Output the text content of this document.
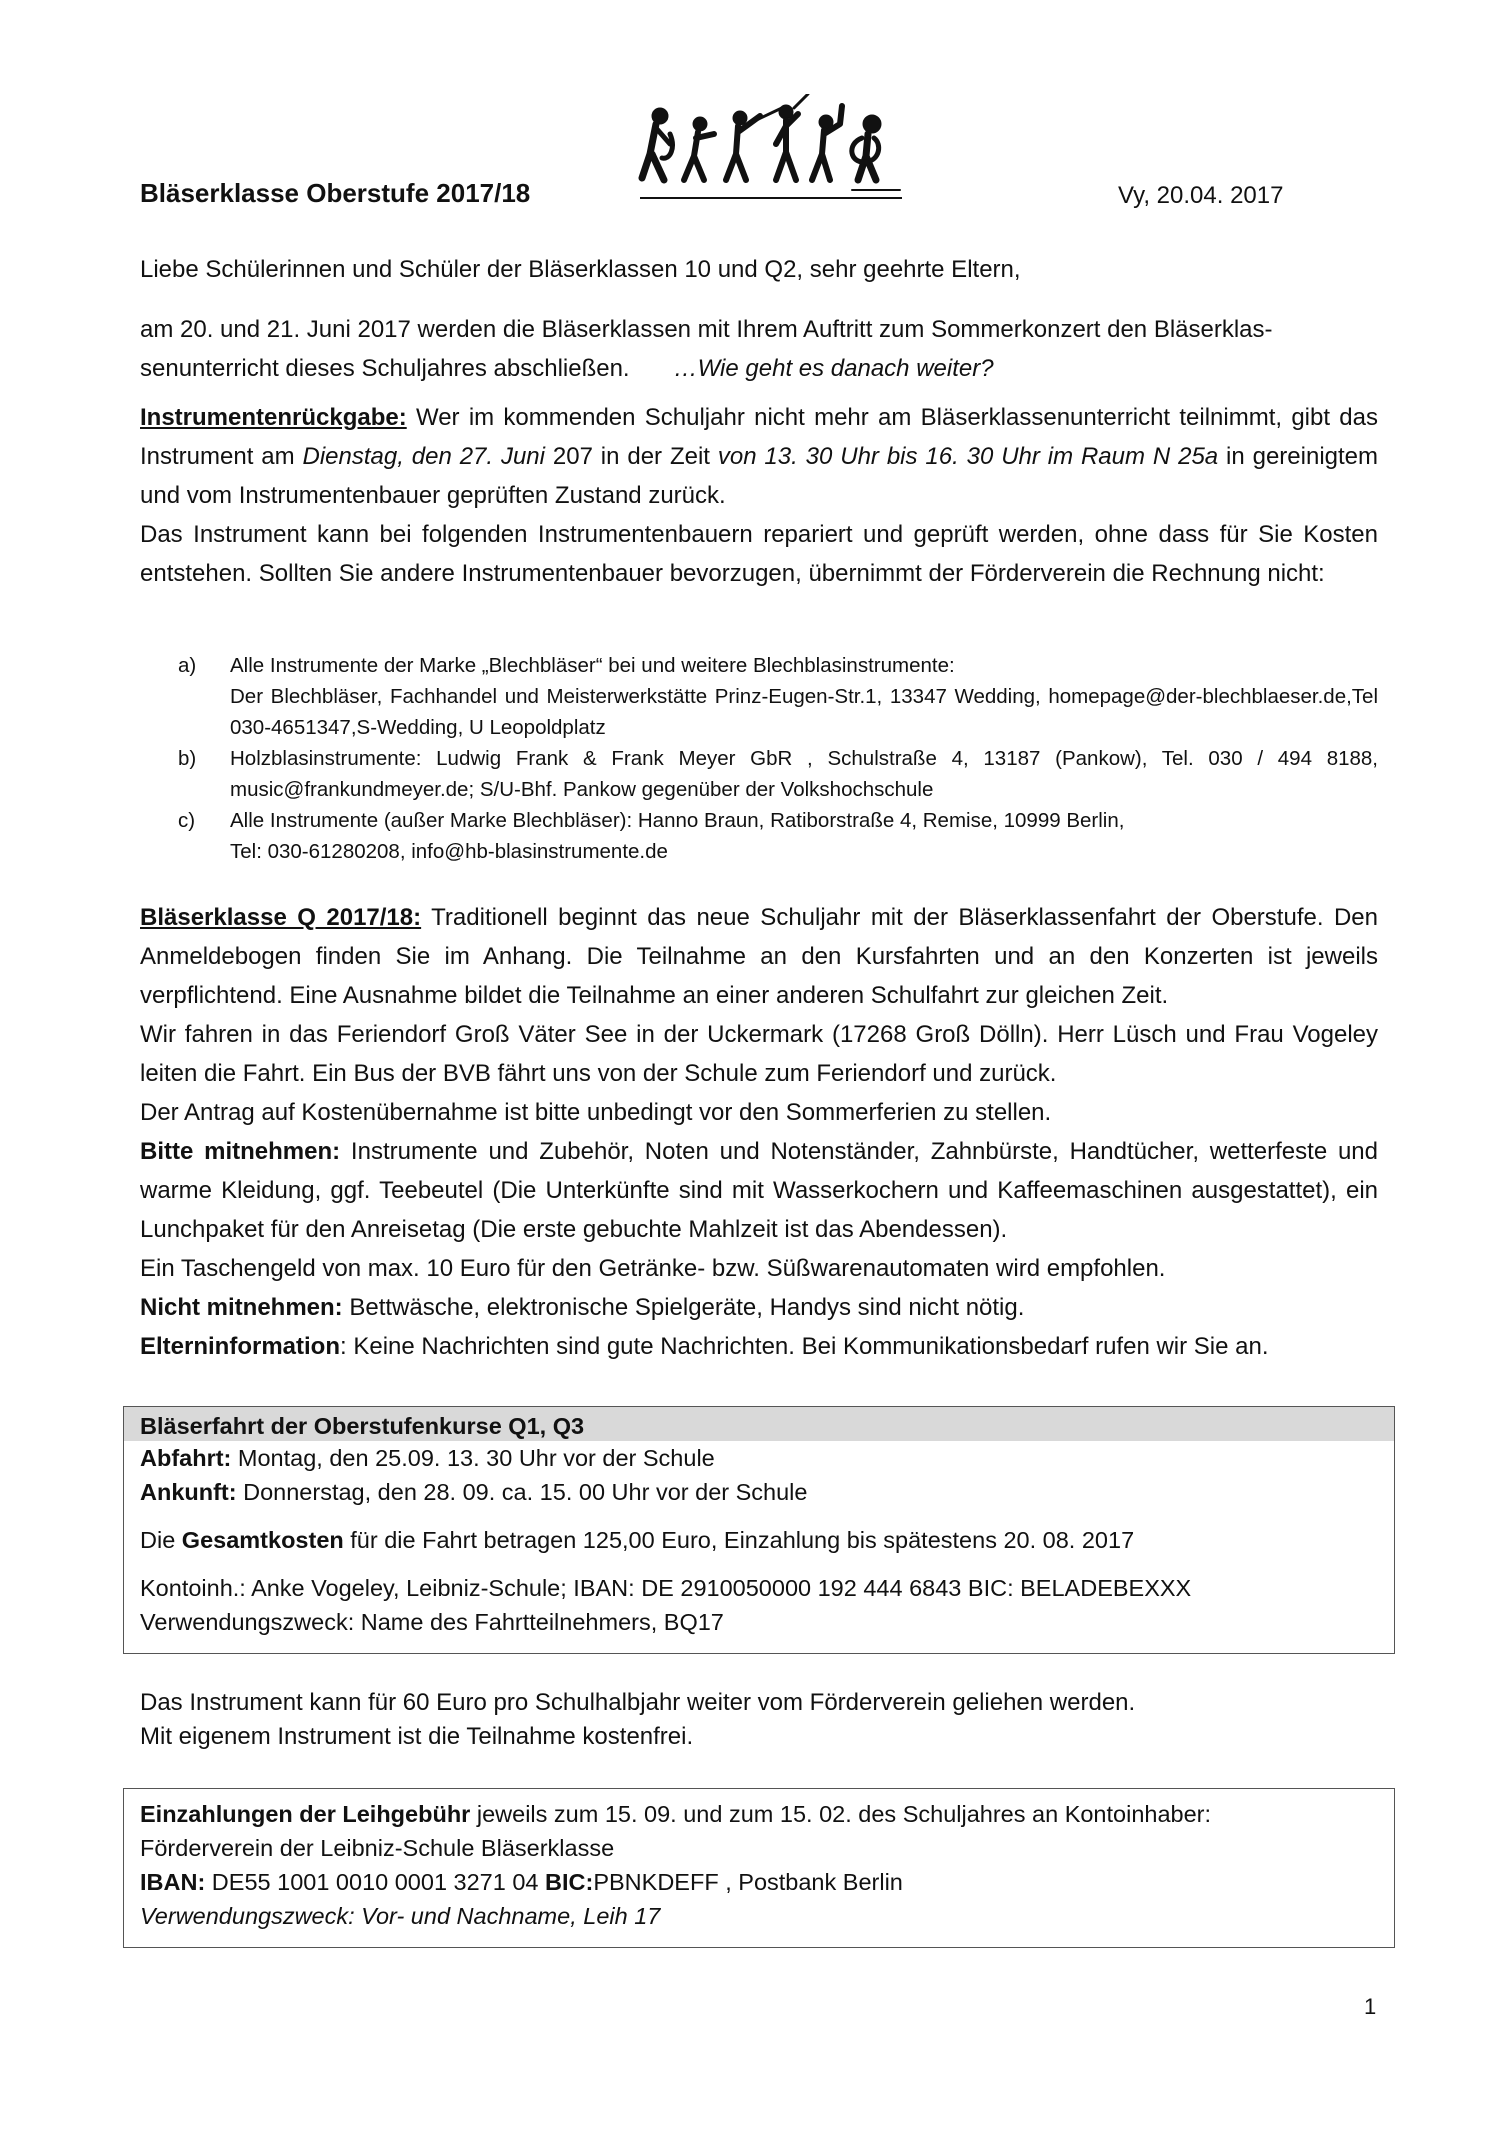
Bläserklasse Oberstufe 2017/18	Vy, 20.04. 2017

Liebe Schülerinnen und Schüler der Bläserklassen 10 und Q2, sehr geehrte Eltern,

am 20. und 21. Juni 2017 werden die Bläserklassen mit Ihrem Auftritt zum Sommerkonzert den Bläserklas-

senunterricht dieses Schuljahres abschließen. …Wie geht es danach weiter?

Instrumentenrückgabe: Wer im kommenden Schuljahr nicht mehr am Bläserklassenunterricht teilnimmt, gibt das Instrument am Dienstag, den 27. Juni 207 in der Zeit von 13. 30 Uhr bis 16. 30 Uhr im Raum N 25a in gereinigtem und vom Instrumentenbauer geprüften Zustand zurück.

Das Instrument kann bei folgenden Instrumentenbauern repariert und geprüft werden, ohne dass für Sie Kosten entstehen. Sollten Sie andere Instrumentenbauer bevorzugen, übernimmt der Förderverein die Rechnung nicht:

a) Alle Instrumente der Marke „Blechbläser“ bei und weitere Blechblasinstrumente:
Der Blechbläser, Fachhandel und Meisterwerkstätte Prinz-Eugen-Str.1, 13347 Wedding, homepage@der-blechblaeser.de,Tel 030-4651347,S-Wedding, U Leopoldplatz
b) Holzblasinstrumente: Ludwig Frank & Frank Meyer GbR , Schulstraße 4, 13187 (Pankow), Tel. 030 / 494 8188, music@frankundmeyer.de; S/U-Bhf. Pankow gegenüber der Volkshochschule
c) Alle Instrumente (außer Marke Blechbläser): Hanno Braun, Ratiborstraße 4, Remise, 10999 Berlin,
Tel: 030-61280208, info@hb-blasinstrumente.de

Bläserklasse Q 2017/18: Traditionell beginnt das neue Schuljahr mit der Bläserklassenfahrt der Oberstufe. Den Anmeldebogen finden Sie im Anhang. Die Teilnahme an den Kursfahrten und an den Konzerten ist jeweils verpflichtend. Eine Ausnahme bildet die Teilnahme an einer anderen Schulfahrt zur gleichen Zeit.

Wir fahren in das Feriendorf Groß Väter See in der Uckermark (17268 Groß Dölln). Herr Lüsch und Frau Vogeley leiten die Fahrt. Ein Bus der BVB fährt uns von der Schule zum Feriendorf und zurück.

Der Antrag auf Kostenübernahme ist bitte unbedingt vor den Sommerferien zu stellen.

Bitte mitnehmen: Instrumente und Zubehör, Noten und Notenständer, Zahnbürste, Handtücher, wetterfeste und warme Kleidung, ggf. Teebeutel (Die Unterkünfte sind mit Wasserkochern und Kaffeemaschinen ausgestattet), ein Lunchpaket für den Anreisetag (Die erste gebuchte Mahlzeit ist das Abendessen).

Ein Taschengeld von max. 10 Euro für den Getränke- bzw. Süßwarenautomaten wird empfohlen.

Nicht mitnehmen: Bettwäsche, elektronische Spielgeräte, Handys sind nicht nötig.

Elterninformation: Keine Nachrichten sind gute Nachrichten. Bei Kommunikationsbedarf rufen wir Sie an.

Bläserfahrt der Oberstufenkurse Q1, Q3
Abfahrt: Montag, den 25.09. 13. 30 Uhr vor der Schule
Ankunft: Donnerstag, den 28. 09. ca. 15. 00 Uhr vor der Schule
Die Gesamtkosten für die Fahrt betragen 125,00 Euro, Einzahlung bis spätestens 20. 08. 2017
Kontoinh.: Anke Vogeley, Leibniz-Schule; IBAN: DE 2910050000 192 444 6843 BIC: BELADEBEXXX
Verwendungszweck: Name des Fahrtteilnehmers, BQ17

Das Instrument kann für 60 Euro pro Schulhalbjahr weiter vom Förderverein geliehen werden.

Mit eigenem Instrument ist die Teilnahme kostenfrei.

Einzahlungen der Leihgebühr jeweils zum 15. 09. und zum 15. 02. des Schuljahres an Kontoinhaber:
Förderverein der Leibniz-Schule Bläserklasse
IBAN: DE55 1001 0010 0001 3271 04 BIC:PBNKDEFF , Postbank Berlin
Verwendungszweck: Vor- und Nachname, Leih 17
1
